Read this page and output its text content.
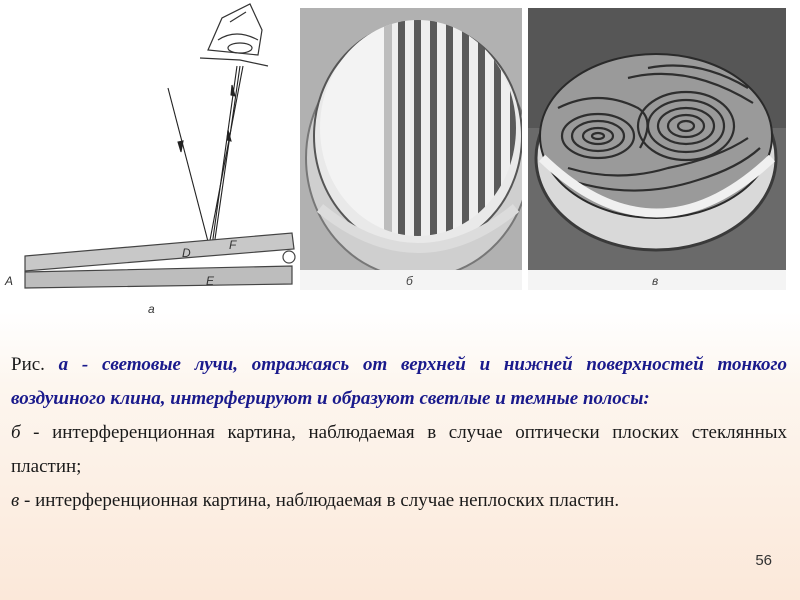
A
D
F
E
а
б	в

Рис. а - световые лучи, отражаясь от верхней и нижней поверхностей тонкого воздушного клина, интерферируют и образуют светлые и темные полосы:

б - интерференционная картина, наблюдаемая в случае оптически плоских стеклянных пластин;

в - интерференционная картина, наблюдаемая в случае неплоских пластин.

56
